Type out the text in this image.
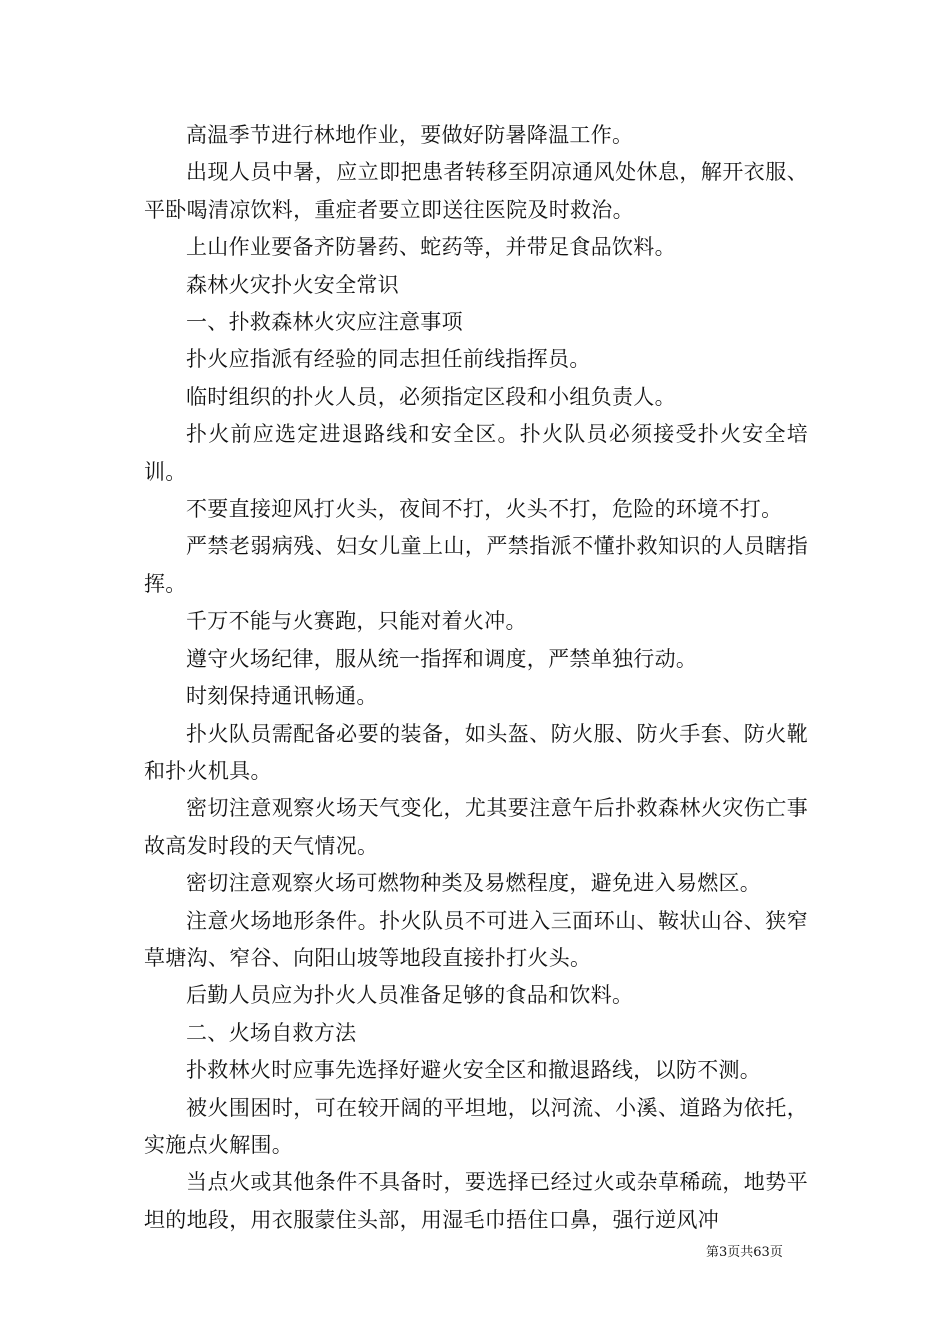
高温季节进行林地作业，要做好防暑降温工作。

出现人员中暑，应立即把患者转移至阴凉通风处休息，解开衣服、平卧喝清凉饮料，重症者要立即送往医院及时救治。

上山作业要备齐防暑药、蛇药等，并带足食品饮料。

森林火灾扑火安全常识

一、扑救森林火灾应注意事项

扑火应指派有经验的同志担任前线指挥员。

临时组织的扑火人员，必须指定区段和小组负责人。

扑火前应选定进退路线和安全区。扑火队员必须接受扑火安全培训。

不要直接迎风打火头，夜间不打，火头不打，危险的环境不打。

严禁老弱病残、妇女儿童上山，严禁指派不懂扑救知识的人员瞎指挥。

千万不能与火赛跑，只能对着火冲。

遵守火场纪律，服从统一指挥和调度，严禁单独行动。

时刻保持通讯畅通。

扑火队员需配备必要的装备，如头盔、防火服、防火手套、防火靴和扑火机具。

密切注意观察火场天气变化，尤其要注意午后扑救森林火灾伤亡事故高发时段的天气情况。

密切注意观察火场可燃物种类及易燃程度，避免进入易燃区。

注意火场地形条件。扑火队员不可进入三面环山、鞍状山谷、狭窄草塘沟、窄谷、向阳山坡等地段直接扑打火头。

后勤人员应为扑火人员准备足够的食品和饮料。

二、火场自救方法

扑救林火时应事先选择好避火安全区和撤退路线，以防不测。

被火围困时，可在较开阔的平坦地，以河流、小溪、道路为依托，实施点火解围。

当点火或其他条件不具备时，要选择已经过火或杂草稀疏，地势平坦的地段，用衣服蒙住头部，用湿毛巾捂住口鼻，强行逆风冲

第3页共63页
